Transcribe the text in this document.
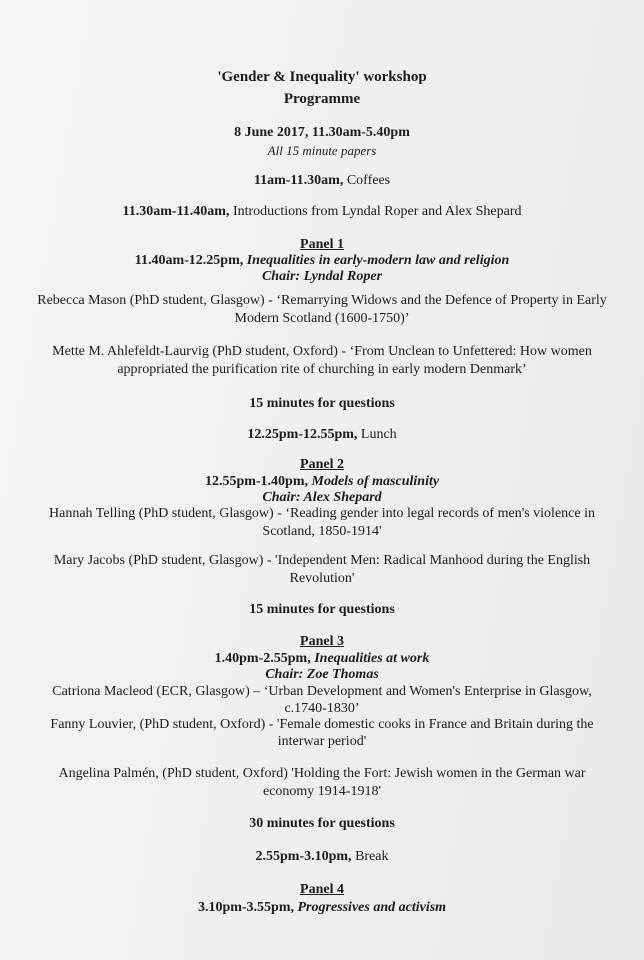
'Gender & Inequality' workshop
Programme
8 June 2017, 11.30am-5.40pm
All 15 minute papers
11am-11.30am, Coffees
11.30am-11.40am, Introductions from Lyndal Roper and Alex Shepard
Panel 1
11.40am-12.25pm, Inequalities in early-modern law and religion
Chair: Lyndal Roper
Rebecca Mason (PhD student, Glasgow) - ‘Remarrying Widows and the Defence of Property in Early
Modern Scotland (1600-1750)’
Mette M. Ahlefeldt-Laurvig (PhD student, Oxford) - ‘From Unclean to Unfettered: How women
appropriated the purification rite of churching in early modern Denmark’
15 minutes for questions
12.25pm-12.55pm, Lunch
Panel 2
12.55pm-1.40pm, Models of masculinity
Chair: Alex Shepard
Hannah Telling (PhD student, Glasgow) - ‘Reading gender into legal records of men's violence in
Scotland, 1850-1914'
Mary Jacobs (PhD student, Glasgow) - 'Independent Men: Radical Manhood during the English
Revolution'
15 minutes for questions
Panel 3
1.40pm-2.55pm, Inequalities at work
Chair: Zoe Thomas
Catriona Macleod (ECR, Glasgow) – ‘Urban Development and Women's Enterprise in Glasgow,
c.1740-1830’
Fanny Louvier, (PhD student, Oxford) - 'Female domestic cooks in France and Britain during the
interwar period'
Angelina Palmén, (PhD student, Oxford) 'Holding the Fort: Jewish women in the German war
economy 1914-1918'
30 minutes for questions
2.55pm-3.10pm, Break
Panel 4
3.10pm-3.55pm, Progressives and activism
